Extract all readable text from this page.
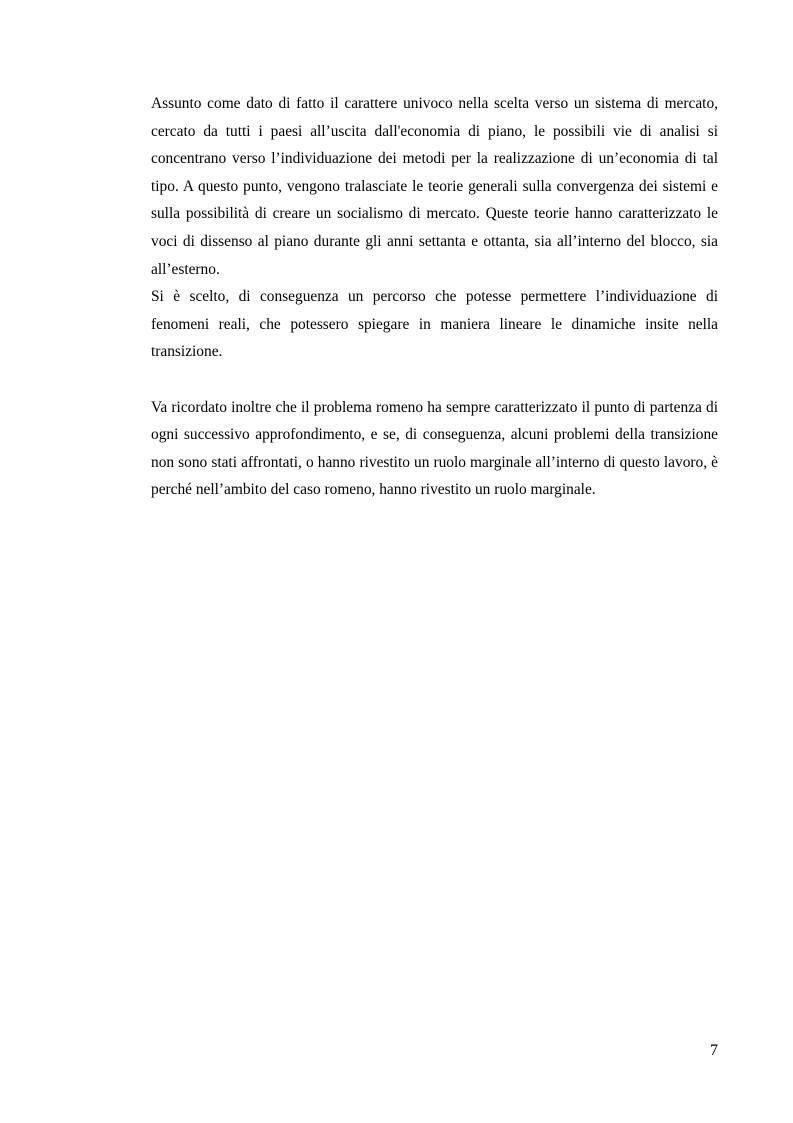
Assunto come dato di fatto il carattere univoco nella scelta verso un sistema di mercato, cercato da tutti i paesi all’uscita dall'economia di piano, le possibili vie di analisi si concentrano verso l’individuazione dei metodi per la realizzazione di un’economia di tal tipo. A questo punto, vengono tralasciate le teorie generali sulla convergenza dei sistemi e sulla possibilità di creare un socialismo di mercato. Queste teorie hanno caratterizzato le voci di dissenso al piano durante gli anni settanta e ottanta, sia all’interno del blocco, sia all’esterno.

Si è scelto, di conseguenza un percorso che potesse permettere l’individuazione di fenomeni reali, che potessero spiegare in maniera lineare le dinamiche insite nella transizione.

Va ricordato inoltre che il problema romeno ha sempre caratterizzato il punto di partenza di ogni successivo approfondimento, e se, di conseguenza, alcuni problemi della transizione non sono stati affrontati, o hanno rivestito un ruolo marginale all’interno di questo lavoro, è perché nell’ambito del caso romeno, hanno rivestito un ruolo marginale.

7
